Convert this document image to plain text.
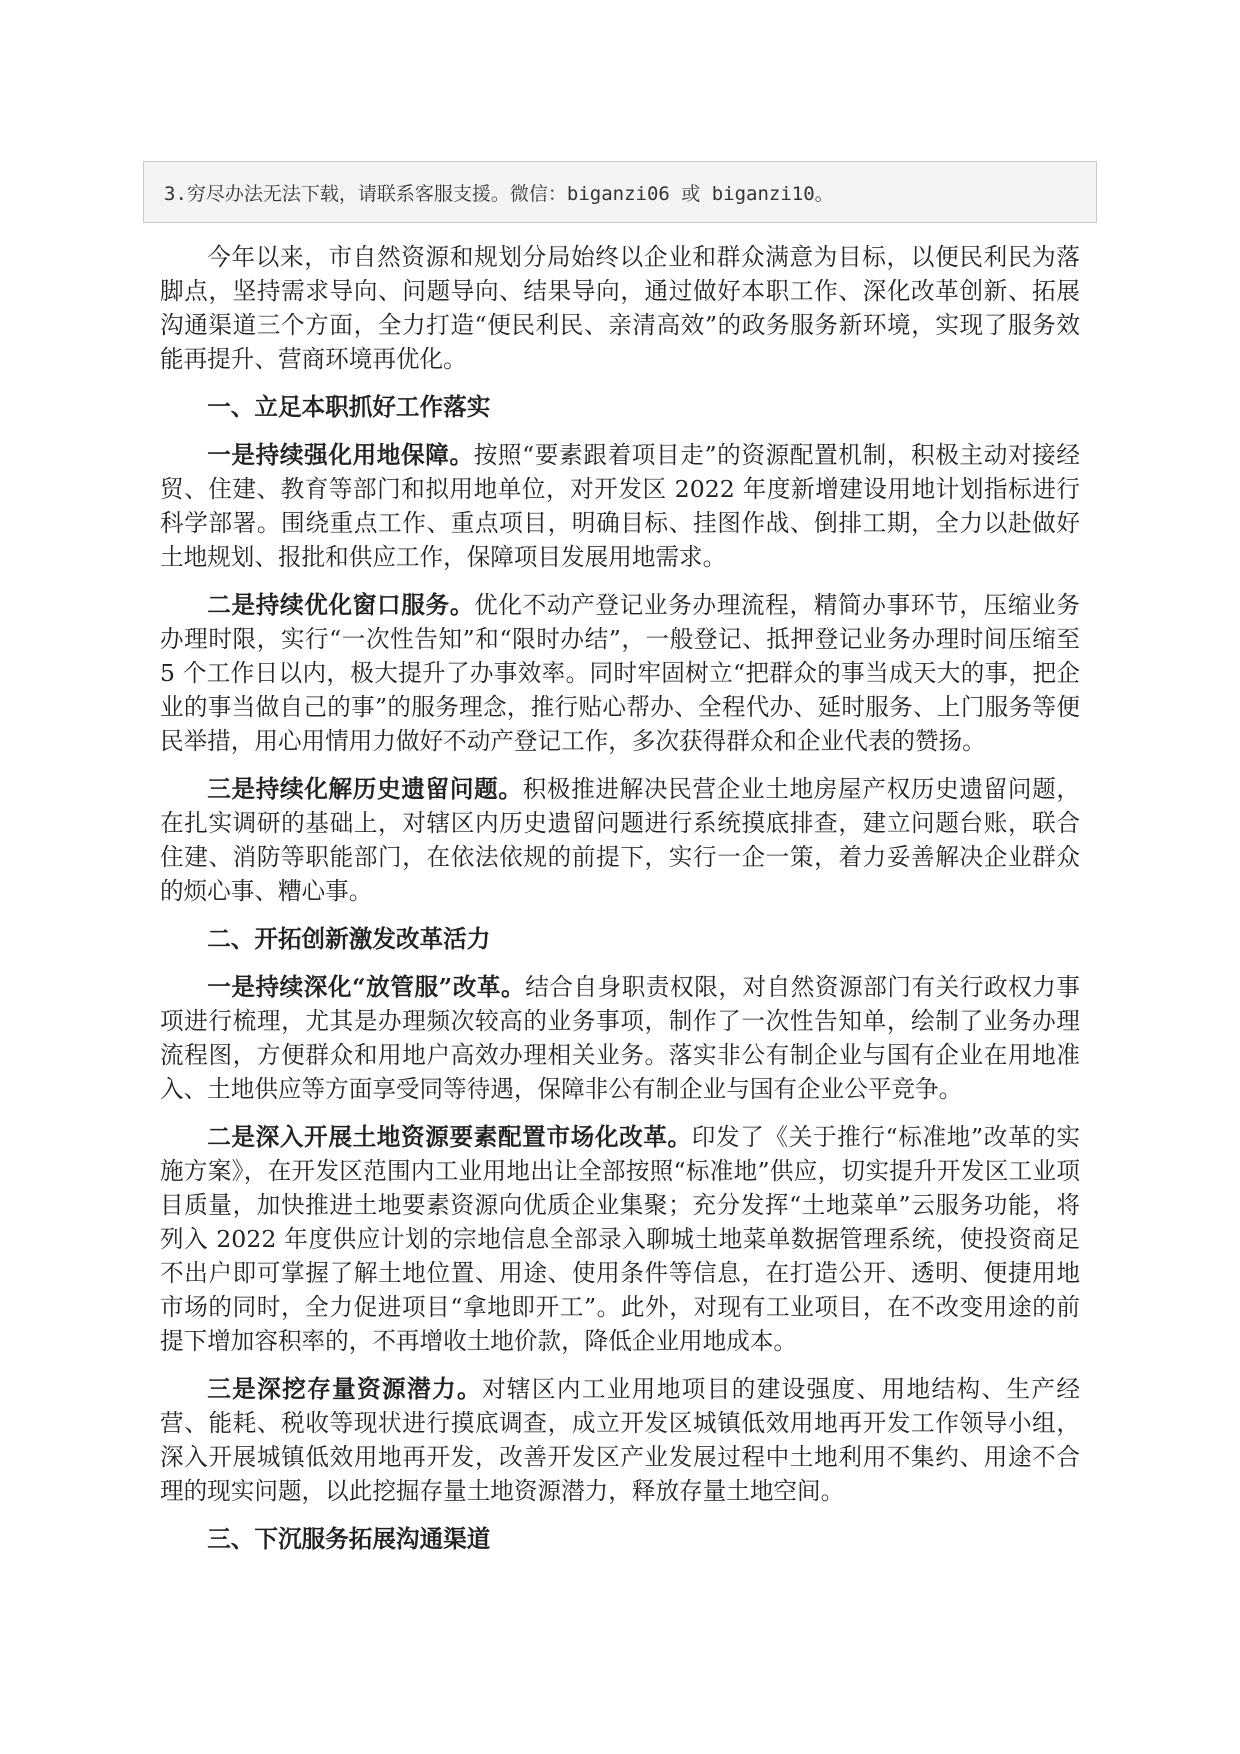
3.穷尽办法无法下载，请联系客服支援。微信：biganzi06 或 biganzi10。

今年以来，市自然资源和规划分局始终以企业和群众满意为目标，以便民利民为落脚点，坚持需求导向、问题导向、结果导向，通过做好本职工作、深化改革创新、拓展沟通渠道三个方面，全力打造“便民利民、亲清高效”的政务服务新环境，实现了服务效能再提升、营商环境再优化。

一、立足本职抓好工作落实

一是持续强化用地保障。按照“要素跟着项目走”的资源配置机制，积极主动对接经贸、住建、教育等部门和拟用地单位，对开发区 2022 年度新增建设用地计划指标进行科学部署。围绕重点工作、重点项目，明确目标、挂图作战、倒排工期，全力以赴做好土地规划、报批和供应工作，保障项目发展用地需求。

二是持续优化窗口服务。优化不动产登记业务办理流程，精简办事环节，压缩业务办理时限，实行“一次性告知”和“限时办结”，一般登记、抵押登记业务办理时间压缩至 5 个工作日以内，极大提升了办事效率。同时牢固树立“把群众的事当成天大的事，把企业的事当做自己的事”的服务理念，推行贴心帮办、全程代办、延时服务、上门服务等便民举措，用心用情用力做好不动产登记工作，多次获得群众和企业代表的赞扬。

三是持续化解历史遗留问题。积极推进解决民营企业土地房屋产权历史遗留问题，在扎实调研的基础上，对辖区内历史遗留问题进行系统摸底排查，建立问题台账，联合住建、消防等职能部门，在依法依规的前提下，实行一企一策，着力妥善解决企业群众的烦心事、糟心事。

二、开拓创新激发改革活力

一是持续深化“放管服”改革。结合自身职责权限，对自然资源部门有关行政权力事项进行梳理，尤其是办理频次较高的业务事项，制作了一次性告知单，绘制了业务办理流程图，方便群众和用地户高效办理相关业务。落实非公有制企业与国有企业在用地准入、土地供应等方面享受同等待遇，保障非公有制企业与国有企业公平竞争。

二是深入开展土地资源要素配置市场化改革。印发了《关于推行“标准地”改革的实施方案》，在开发区范围内工业用地出让全部按照“标准地”供应，切实提升开发区工业项目质量，加快推进土地要素资源向优质企业集聚；充分发挥“土地菜单”云服务功能，将列入 2022 年度供应计划的宗地信息全部录入聊城土地菜单数据管理系统，使投资商足不出户即可掌握了解土地位置、用途、使用条件等信息，在打造公开、透明、便捷用地市场的同时，全力促进项目“拿地即开工”。此外，对现有工业项目，在不改变用途的前提下增加容积率的，不再增收土地价款，降低企业用地成本。

三是深挖存量资源潜力。对辖区内工业用地项目的建设强度、用地结构、生产经营、能耗、税收等现状进行摸底调查，成立开发区城镇低效用地再开发工作领导小组，深入开展城镇低效用地再开发，改善开发区产业发展过程中土地利用不集约、用途不合理的现实问题，以此挖掘存量土地资源潜力，释放存量土地空间。

三、下沉服务拓展沟通渠道
